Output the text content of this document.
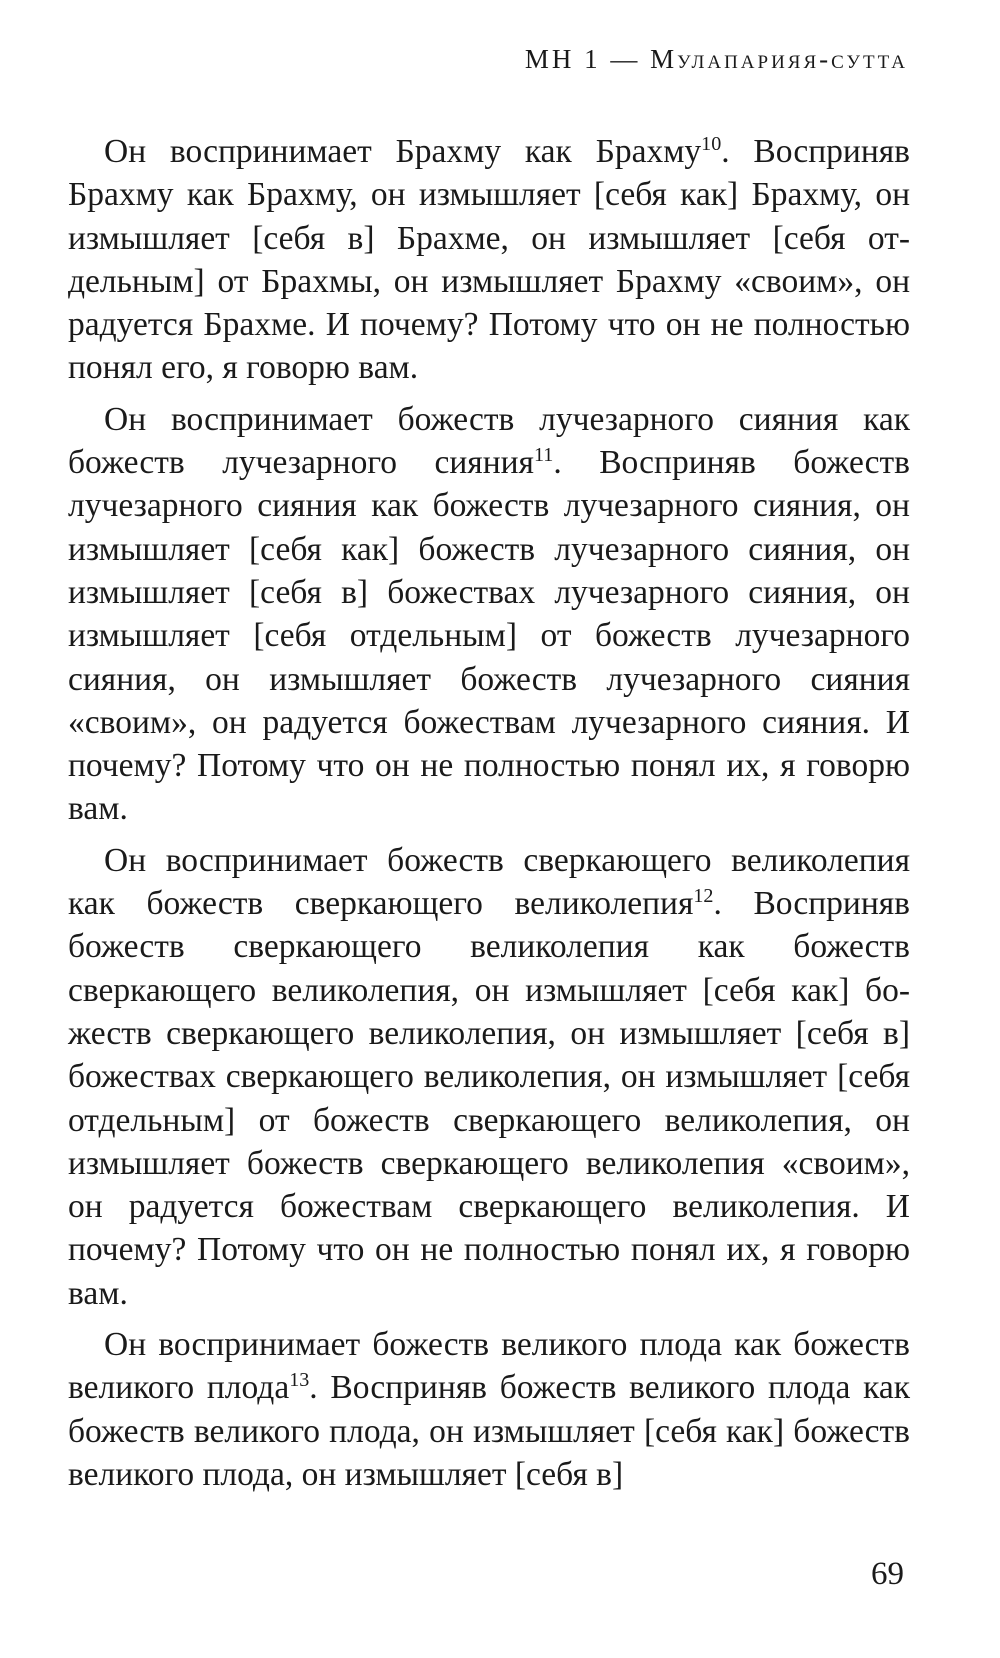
МН 1 — Мулапарияя-сутта

Он воспринимает Брахму как Брахму$^{10}$. Восприняв Брахму как Брахму, он измышляет [себя как] Брахму, он измышляет [себя в] Брахме, он измышляет [себя отдельным] от Брахмы, он измышляет Брахму «своим», он радуется Брахме. И почему? Потому что он не полностью понял его, я говорю вам.

Он воспринимает божеств лучезарного сияния как божеств лучезарного сияния$^{11}$. Восприняв божеств лучезарного сияния как божеств лучезарного сияния, он измышляет [себя как] божеств лучезарного сияния, он измышляет [себя в] божествах лучезарного сияния, он измышляет [себя отдельным] от божеств лучезарного сияния, он измышляет божеств лучезарного сияния «своим», он радуется божествам лучезарного сияния. И почему? Потому что он не полностью понял их, я говорю вам.

Он воспринимает божеств сверкающего великолепия как божеств сверкающего великолепия$^{12}$. Восприняв божеств сверкающего великолепия как божеств сверкающего великолепия, он измышляет [себя как] божеств сверкающего великолепия, он измышляет [себя в] божествах сверкающего великолепия, он измышляет [себя отдельным] от божеств сверкающего великолепия, он измышляет божеств сверкающего великолепия «своим», он радуется божествам сверкающего великолепия. И почему? Потому что он не полностью понял их, я говорю вам.

Он воспринимает божеств великого плода как божеств великого плода$^{13}$. Восприняв божеств великого плода как божеств великого плода, он измышляет [себя как] божеств великого плода, он измышляет [себя в]

69
